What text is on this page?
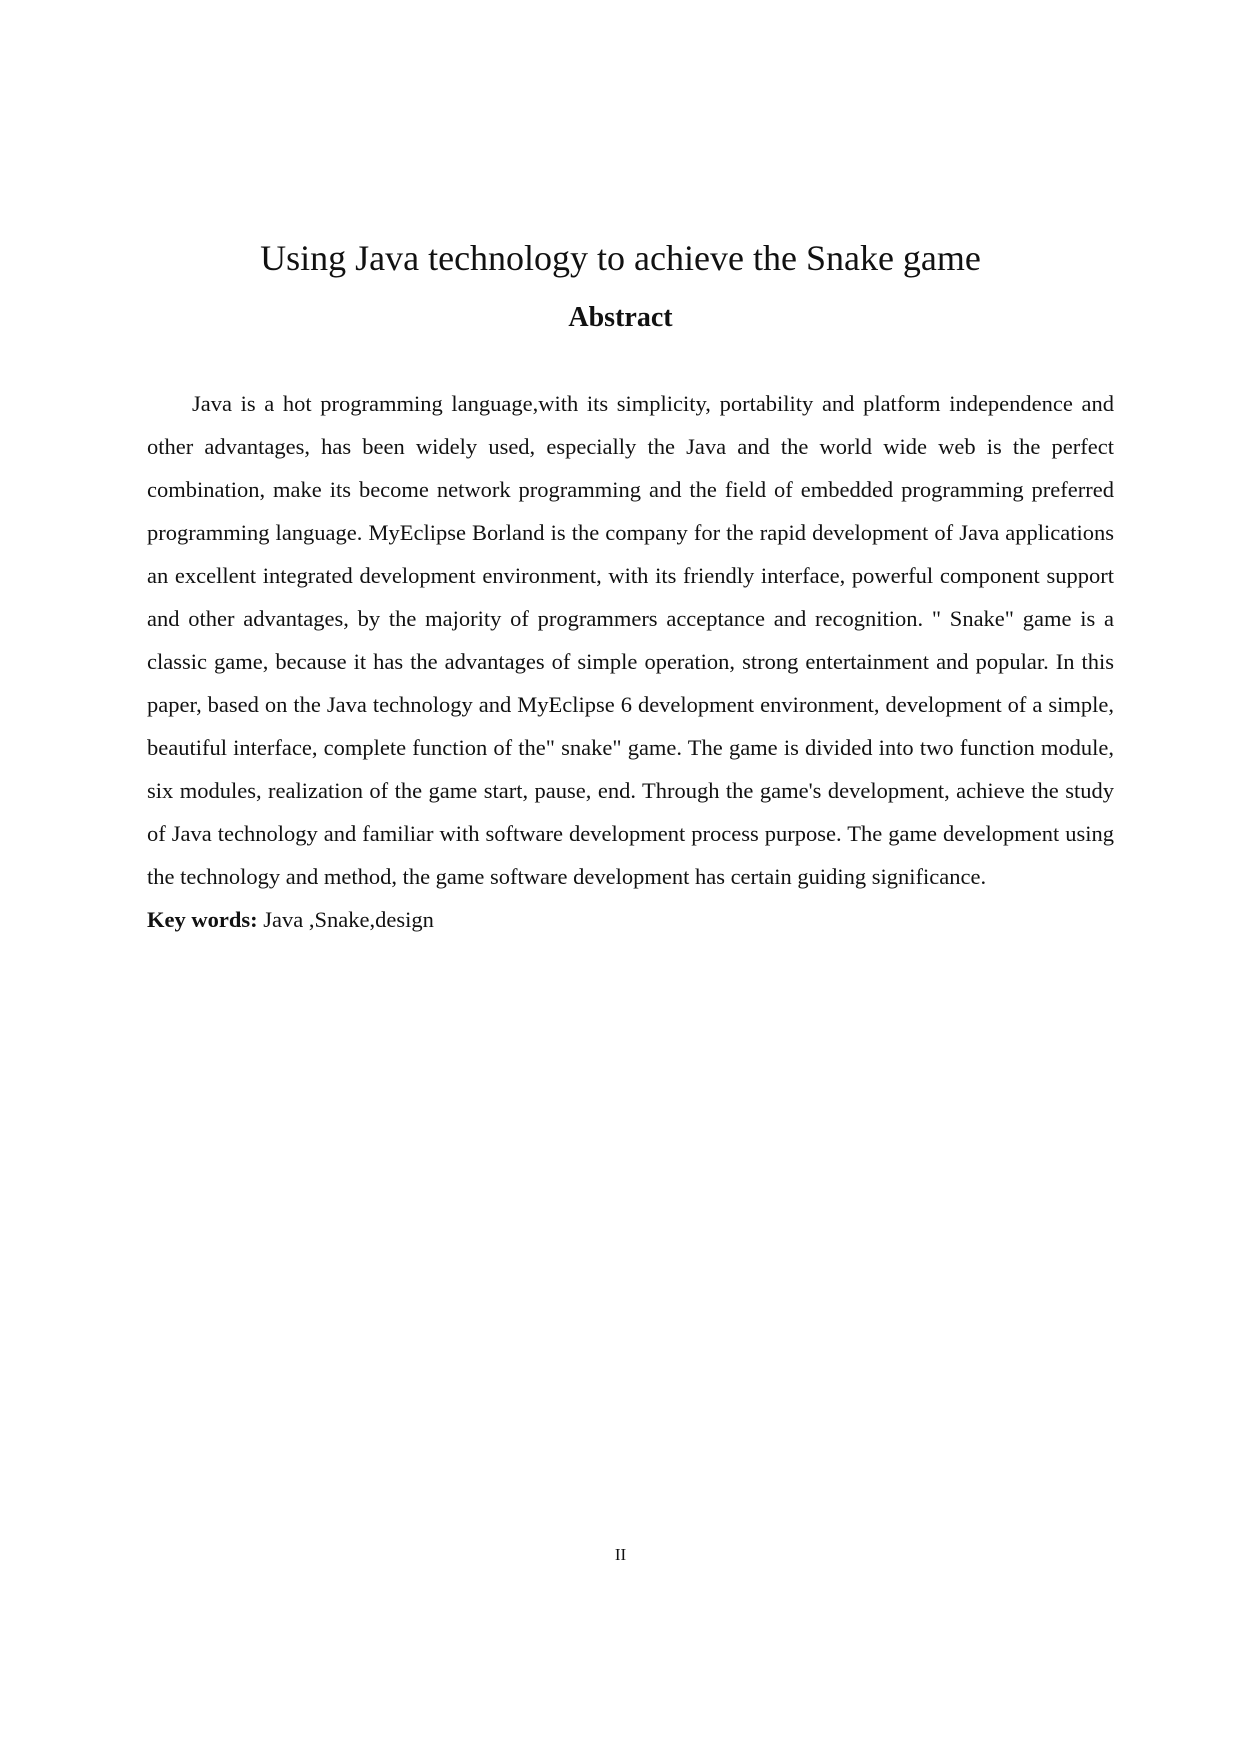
Using Java technology to achieve the Snake game
Abstract

Java is a hot programming language,with its simplicity, portability and platform independence and other advantages, has been widely used, especially the Java and the world wide web is the perfect combination, make its become network programming and the field of embedded programming preferred programming language. MyEclipse Borland is the company for the rapid development of Java applications an excellent integrated development environment, with its friendly interface, powerful component support and other advantages, by the majority of programmers acceptance and recognition. " Snake" game is a classic game, because it has the advantages of simple operation, strong entertainment and popular. In this paper, based on the Java technology and MyEclipse 6 development environment, development of a simple, beautiful interface, complete function of the" snake" game. The game is divided into two function module, six modules, realization of the game start, pause, end. Through the game's development, achieve the study of Java technology and familiar with software development process purpose. The game development using the technology and method, the game software development has certain guiding significance.

Key words: Java ,Snake,design

II
